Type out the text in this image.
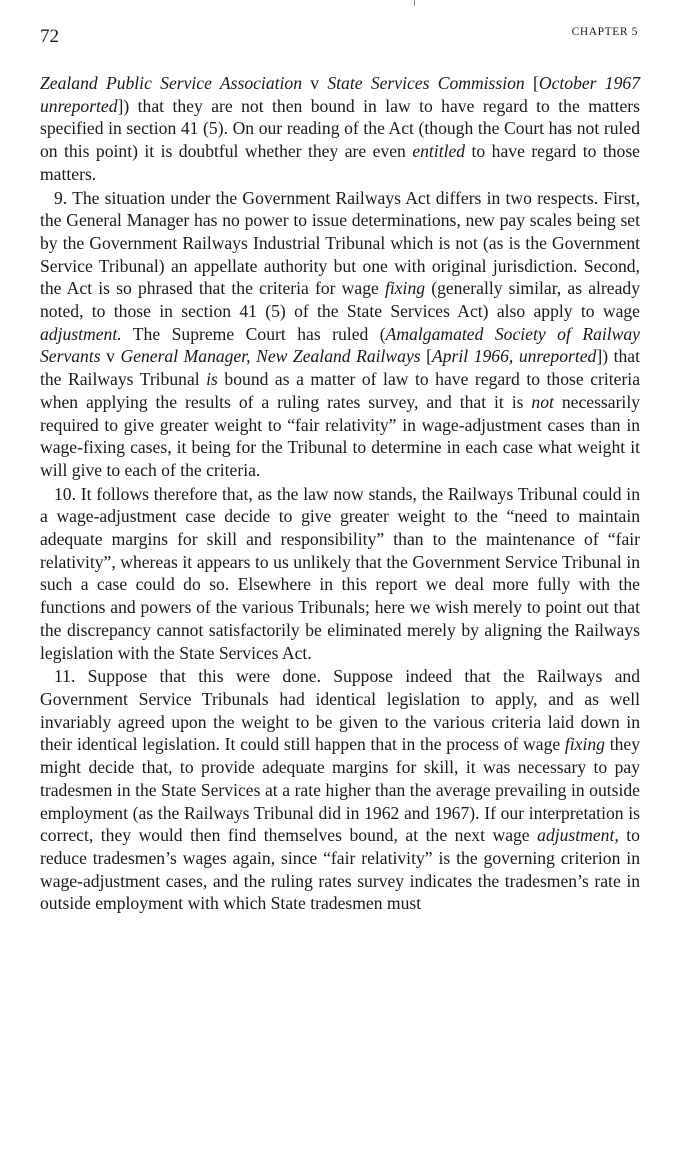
72	CHAPTER 5

Zealand Public Service Association v State Services Commission [October 1967 unreported]) that they are not then bound in law to have regard to the matters specified in section 41 (5). On our reading of the Act (though the Court has not ruled on this point) it is doubtful whether they are even entitled to have regard to those matters.

9. The situation under the Government Railways Act differs in two respects. First, the General Manager has no power to issue determinations, new pay scales being set by the Government Railways Industrial Tribunal which is not (as is the Government Service Tribunal) an appellate authority but one with original jurisdiction. Second, the Act is so phrased that the criteria for wage fixing (generally similar, as already noted, to those in section 41 (5) of the State Services Act) also apply to wage adjustment. The Supreme Court has ruled (Amalgamated Society of Railway Servants v General Manager, New Zealand Railways [April 1966, unreported]) that the Railways Tribunal is bound as a matter of law to have regard to those criteria when applying the results of a ruling rates survey, and that it is not necessarily required to give greater weight to “fair relativity” in wage-adjustment cases than in wage-fixing cases, it being for the Tribunal to determine in each case what weight it will give to each of the criteria.

10. It follows therefore that, as the law now stands, the Railways Tribunal could in a wage-adjustment case decide to give greater weight to the “need to maintain adequate margins for skill and responsibility” than to the maintenance of “fair relativity”, whereas it appears to us unlikely that the Government Service Tribunal in such a case could do so. Elsewhere in this report we deal more fully with the functions and powers of the various Tribunals; here we wish merely to point out that the discrepancy cannot satisfactorily be eliminated merely by aligning the Railways legislation with the State Services Act.

11. Suppose that this were done. Suppose indeed that the Railways and Government Service Tribunals had identical legislation to apply, and as well invariably agreed upon the weight to be given to the various criteria laid down in their identical legislation. It could still happen that in the process of wage fixing they might decide that, to provide adequate margins for skill, it was necessary to pay tradesmen in the State Services at a rate higher than the average prevailing in outside employment (as the Railways Tribunal did in 1962 and 1967). If our interpretation is correct, they would then find themselves bound, at the next wage adjustment, to reduce tradesmen’s wages again, since “fair relativity” is the governing criterion in wage-adjustment cases, and the ruling rates survey indicates the tradesmen’s rate in outside employment with which State tradesmen must
